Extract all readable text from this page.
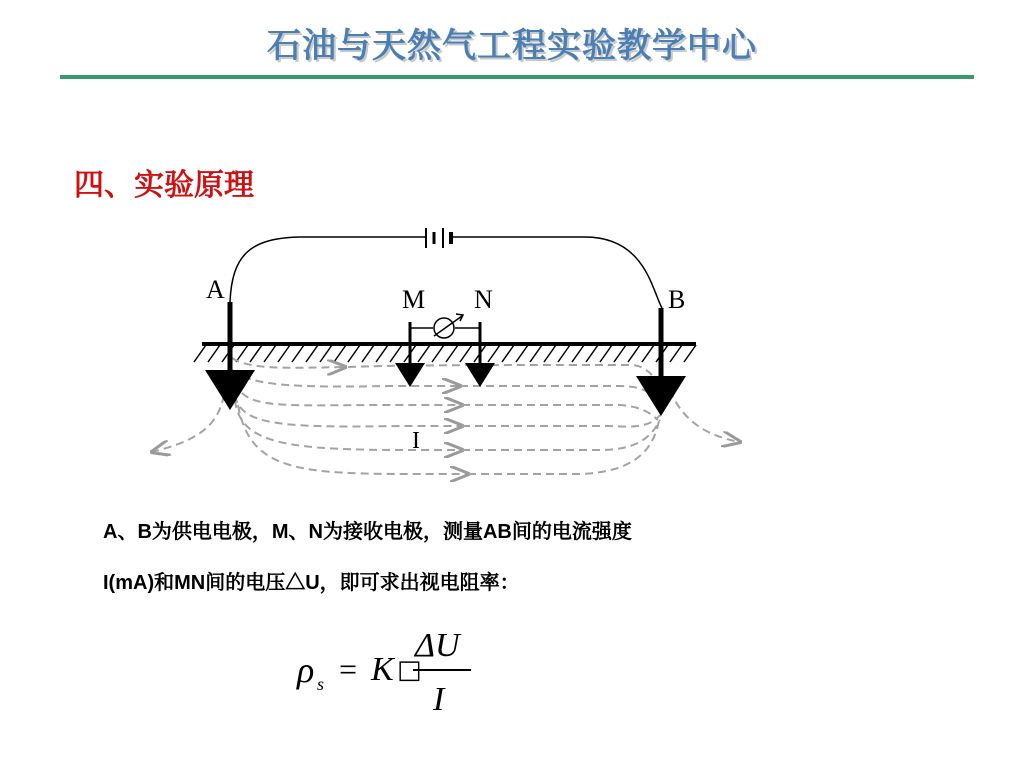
石油与天然气工程实验教学中心
四、实验原理
A	B
M N
I
A、B为供电电极，M、N为接收电极，测量AB间的电流强度
I(mA)和MN间的电压△U，即可求出视电阻率：
ρ s = K □
ΔU
I
